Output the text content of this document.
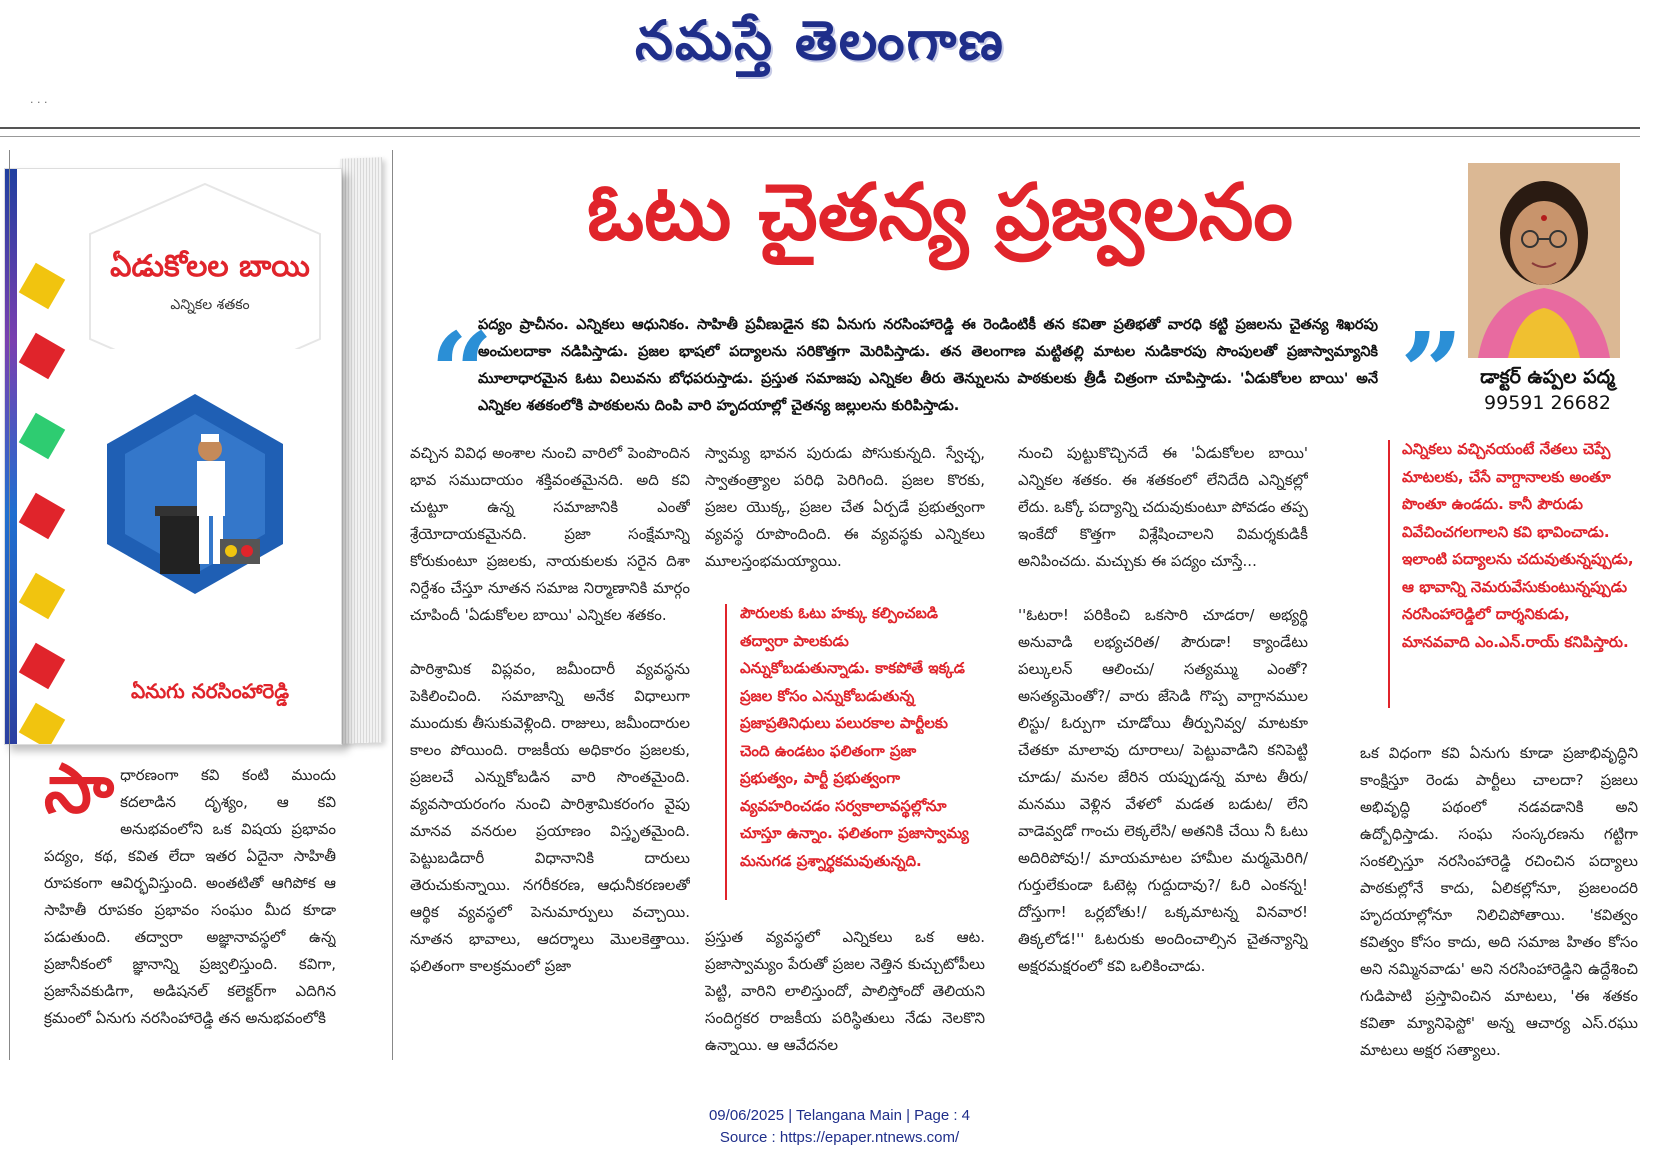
నమస్తే తెలంగాణ
· · ·
ఏడుకోలల బాయి
ఎన్నికల శతకం
ఏనుగు నరసింహారెడ్డి
ఓటు చైతన్య ప్రజ్వలనం
డాక్టర్ ఉప్పల పద్మ
99591 26682
“	”
పద్యం ప్రాచీనం. ఎన్నికలు ఆధునికం. సాహితీ ప్రవీణుడైన కవి ఏనుగు నరసింహారెడ్డి ఈ రెండింటికీ తన కవితా ప్రతిభతో వారధి కట్టి ప్రజలను చైతన్య శిఖరపు అంచులదాకా నడిపిస్తాడు. ప్రజల భాషలో పద్యాలను సరికొత్తగా మెరిపిస్తాడు. తన తెలంగాణ మట్టితల్లి మాటల నుడికారపు సొంపులతో ప్రజాస్వామ్యానికి మూలాధారమైన ఓటు విలువను బోధపరుస్తాడు. ప్రస్తుత సమాజపు ఎన్నికల తీరు తెన్నులను పాఠకులకు త్రీడీ చిత్రంగా చూపిస్తాడు. 'ఏడుకోలల బాయి' అనే ఎన్నికల శతకంలోకి పాఠకులను దింపి వారి హృదయాల్లో చైతన్య జల్లులను కురిపిస్తాడు.
సాధారణంగా కవి కంటి ముందు కదలాడిన దృశ్యం, ఆ కవి అనుభవంలోని ఒక విషయ ప్రభావం పద్యం, కథ, కవిత లేదా ఇతర ఏదైనా సాహితీ రూపకంగా ఆవిర్భవిస్తుంది. అంతటితో ఆగిపోక ఆ సాహితీ రూపకం ప్రభావం సంఘం మీద కూడా పడుతుంది. తద్వారా అజ్ఞానావస్థలో ఉన్న ప్రజానీకంలో జ్ఞానాన్ని ప్రజ్వలిస్తుంది. కవిగా, ప్రజాసేవకుడిగా, అడిషనల్ కలెక్టర్‌గా ఎదిగిన క్రమంలో ఏనుగు నరసింహారెడ్డి తన అనుభవంలోకి

వచ్చిన వివిధ అంశాల నుంచి వారిలో పెంపొందిన భావ సముదాయం శక్తివంతమైనది. అది కవి చుట్టూ ఉన్న సమాజానికి ఎంతో శ్రేయోదాయకమైనది. ప్రజా సంక్షేమాన్ని కోరుకుంటూ ప్రజలకు, నాయకులకు సరైన దిశా నిర్దేశం చేస్తూ నూతన సమాజ నిర్మాణానికి మార్గం చూపిందీ 'ఏడుకోలల బాయి' ఎన్నికల శతకం.

పారిశ్రామిక విప్లవం, జమీందారీ వ్యవస్థను పెకిలించింది. సమాజాన్ని అనేక విధాలుగా ముందుకు తీసుకువెళ్లింది. రాజులు, జమీందారుల కాలం పోయింది. రాజకీయ అధికారం ప్రజలకు, ప్రజలచే ఎన్నుకోబడిన వారి సొంతమైంది. వ్యవసాయరంగం నుంచి పారిశ్రామికరంగం వైపు మానవ వనరుల ప్రయాణం విస్తృతమైంది. పెట్టుబడిదారీ విధానానికి దారులు తెరుచుకున్నాయి. నగరీకరణ, ఆధునీకరణలతో ఆర్థిక వ్యవస్థలో పెనుమార్పులు వచ్చాయి. నూతన భావాలు, ఆదర్శాలు మొలకెత్తాయి. ఫలితంగా కాలక్రమంలో ప్రజా

స్వామ్య భావన పురుడు పోసుకున్నది. స్వేచ్ఛ, స్వాతంత్ర్యాల పరిధి పెరిగింది. ప్రజల కొరకు, ప్రజల యొక్క, ప్రజల చేత ఏర్పడే ప్రభుత్వంగా వ్యవస్థ రూపొందింది. ఈ వ్యవస్థకు ఎన్నికలు మూలస్తంభమయ్యాయి.

పౌరులకు ఓటు హక్కు కల్పించబడి తద్వారా పాలకుడు ఎన్నుకోబడుతున్నాడు. కాకపోతే ఇక్కడ ప్రజల కోసం ఎన్నుకోబడుతున్న ప్రజాప్రతినిధులు పలురకాల పార్టీలకు చెంది ఉండటం ఫలితంగా ప్రజా ప్రభుత్వం, పార్టీ ప్రభుత్వంగా వ్యవహరించడం సర్వకాలావస్థల్లోనూ చూస్తూ ఉన్నాం. ఫలితంగా ప్రజాస్వామ్య మనుగడ ప్రశ్నార్థకమవుతున్నది.

ప్రస్తుత వ్యవస్థలో ఎన్నికలు ఒక ఆట. ప్రజాస్వామ్యం పేరుతో ప్రజల నెత్తిన కుచ్చుటోపీలు పెట్టి, వారిని లాలిస్తుందో, పాలిస్తోందో తెలియని సందిగ్ధకర రాజకీయ పరిస్థితులు నేడు నెలకొని ఉన్నాయి. ఆ ఆవేదనల

నుంచి పుట్టుకొచ్చినదే ఈ 'ఏడుకోలల బాయి' ఎన్నికల శతకం. ఈ శతకంలో లేనిదేది ఎన్నికల్లో లేదు. ఒక్కో పద్యాన్ని చదువుకుంటూ పోవడం తప్ప ఇంకేదో కొత్తగా విశ్లేషించాలని విమర్శకుడికీ అనిపించదు. మచ్చుకు ఈ పద్యం చూస్తే...

''ఓటరా! పరికించి ఒకసారి చూడరా/ అభ్యర్థి అనువాడి లభ్యచరిత/ పౌరుడా! క్యాండేటు పల్కులన్ ఆలించు/ సత్యమ్ము ఎంతో? అసత్యమెంతో?/ వారు జేసెడి గొప్ప వాగ్దానముల లిస్టు/ ఓర్పుగా చూడోయి తీర్పునివ్వ/ మాటకూ చేతకూ మాలావు దూరాలు/ పెట్టువాడిని కనిపెట్టి చూడు/ మనల జేరిన యప్పుడన్న మాట తీరు/ మనము వెళ్లిన వేళలో మడత బడుట/ లేని వాడెవ్వడో గాంచు లెక్కలేసి/ అతనికి చేయి నీ ఓటు అదిరిపోవు!/ మాయమాటల హామీల మర్మమెరిగి/ గుర్తులేకుండా ఓటెట్ల గుద్దుదావు?/ ఓరి ఎంకన్న! దోస్తుగా! ఒర్లబోతు!/ ఒక్కమాటన్న వినవార! తిక్కలోడ!'' ఓటరుకు అందించాల్సిన చైతన్యాన్ని అక్షరమక్షరంలో కవి ఒలికించాడు.

ఎన్నికలు వచ్చినయంటే నేతలు చెప్పే మాటలకు, చేసే వాగ్దానాలకు అంతూ పొంతూ ఉండదు. కానీ పౌరుడు వివేచించగలగాలని కవి భావించాడు. ఇలాంటి పద్యాలను చదువుతున్నప్పుడు, ఆ భావాన్ని నెమరువేసుకుంటున్నప్పుడు నరసింహారెడ్డిలో దార్శనికుడు, మానవవాది ఎం.ఎన్.రాయ్ కనిపిస్తారు.

ఒక విధంగా కవి ఏనుగు కూడా ప్రజాభివృద్ధిని కాంక్షిస్తూ రెండు పార్టీలు చాలదా? ప్రజలు అభివృద్ధి పథంలో నడవడానికి అని ఉద్బోధిస్తాడు. సంఘ సంస్కరణను గట్టిగా సంకల్పిస్తూ నరసింహారెడ్డి రచించిన పద్యాలు పాఠకుల్లోనే కాదు, ఏలికల్లోనూ, ప్రజలందరి హృదయాల్లోనూ నిలిచిపోతాయి. 'కవిత్వం కవిత్వం కోసం కాదు, అది సమాజ హితం కోసం అని నమ్మినవాడు' అని నరసింహారెడ్డిని ఉద్దేశించి గుడిపాటి ప్రస్తావించిన మాటలు, 'ఈ శతకం కవితా మ్యానిఫెస్టో' అన్న ఆచార్య ఎస్.రఘు మాటలు అక్షర సత్యాలు.

09/06/2025 | Telangana Main | Page : 4
Source : https://epaper.ntnews.com/
